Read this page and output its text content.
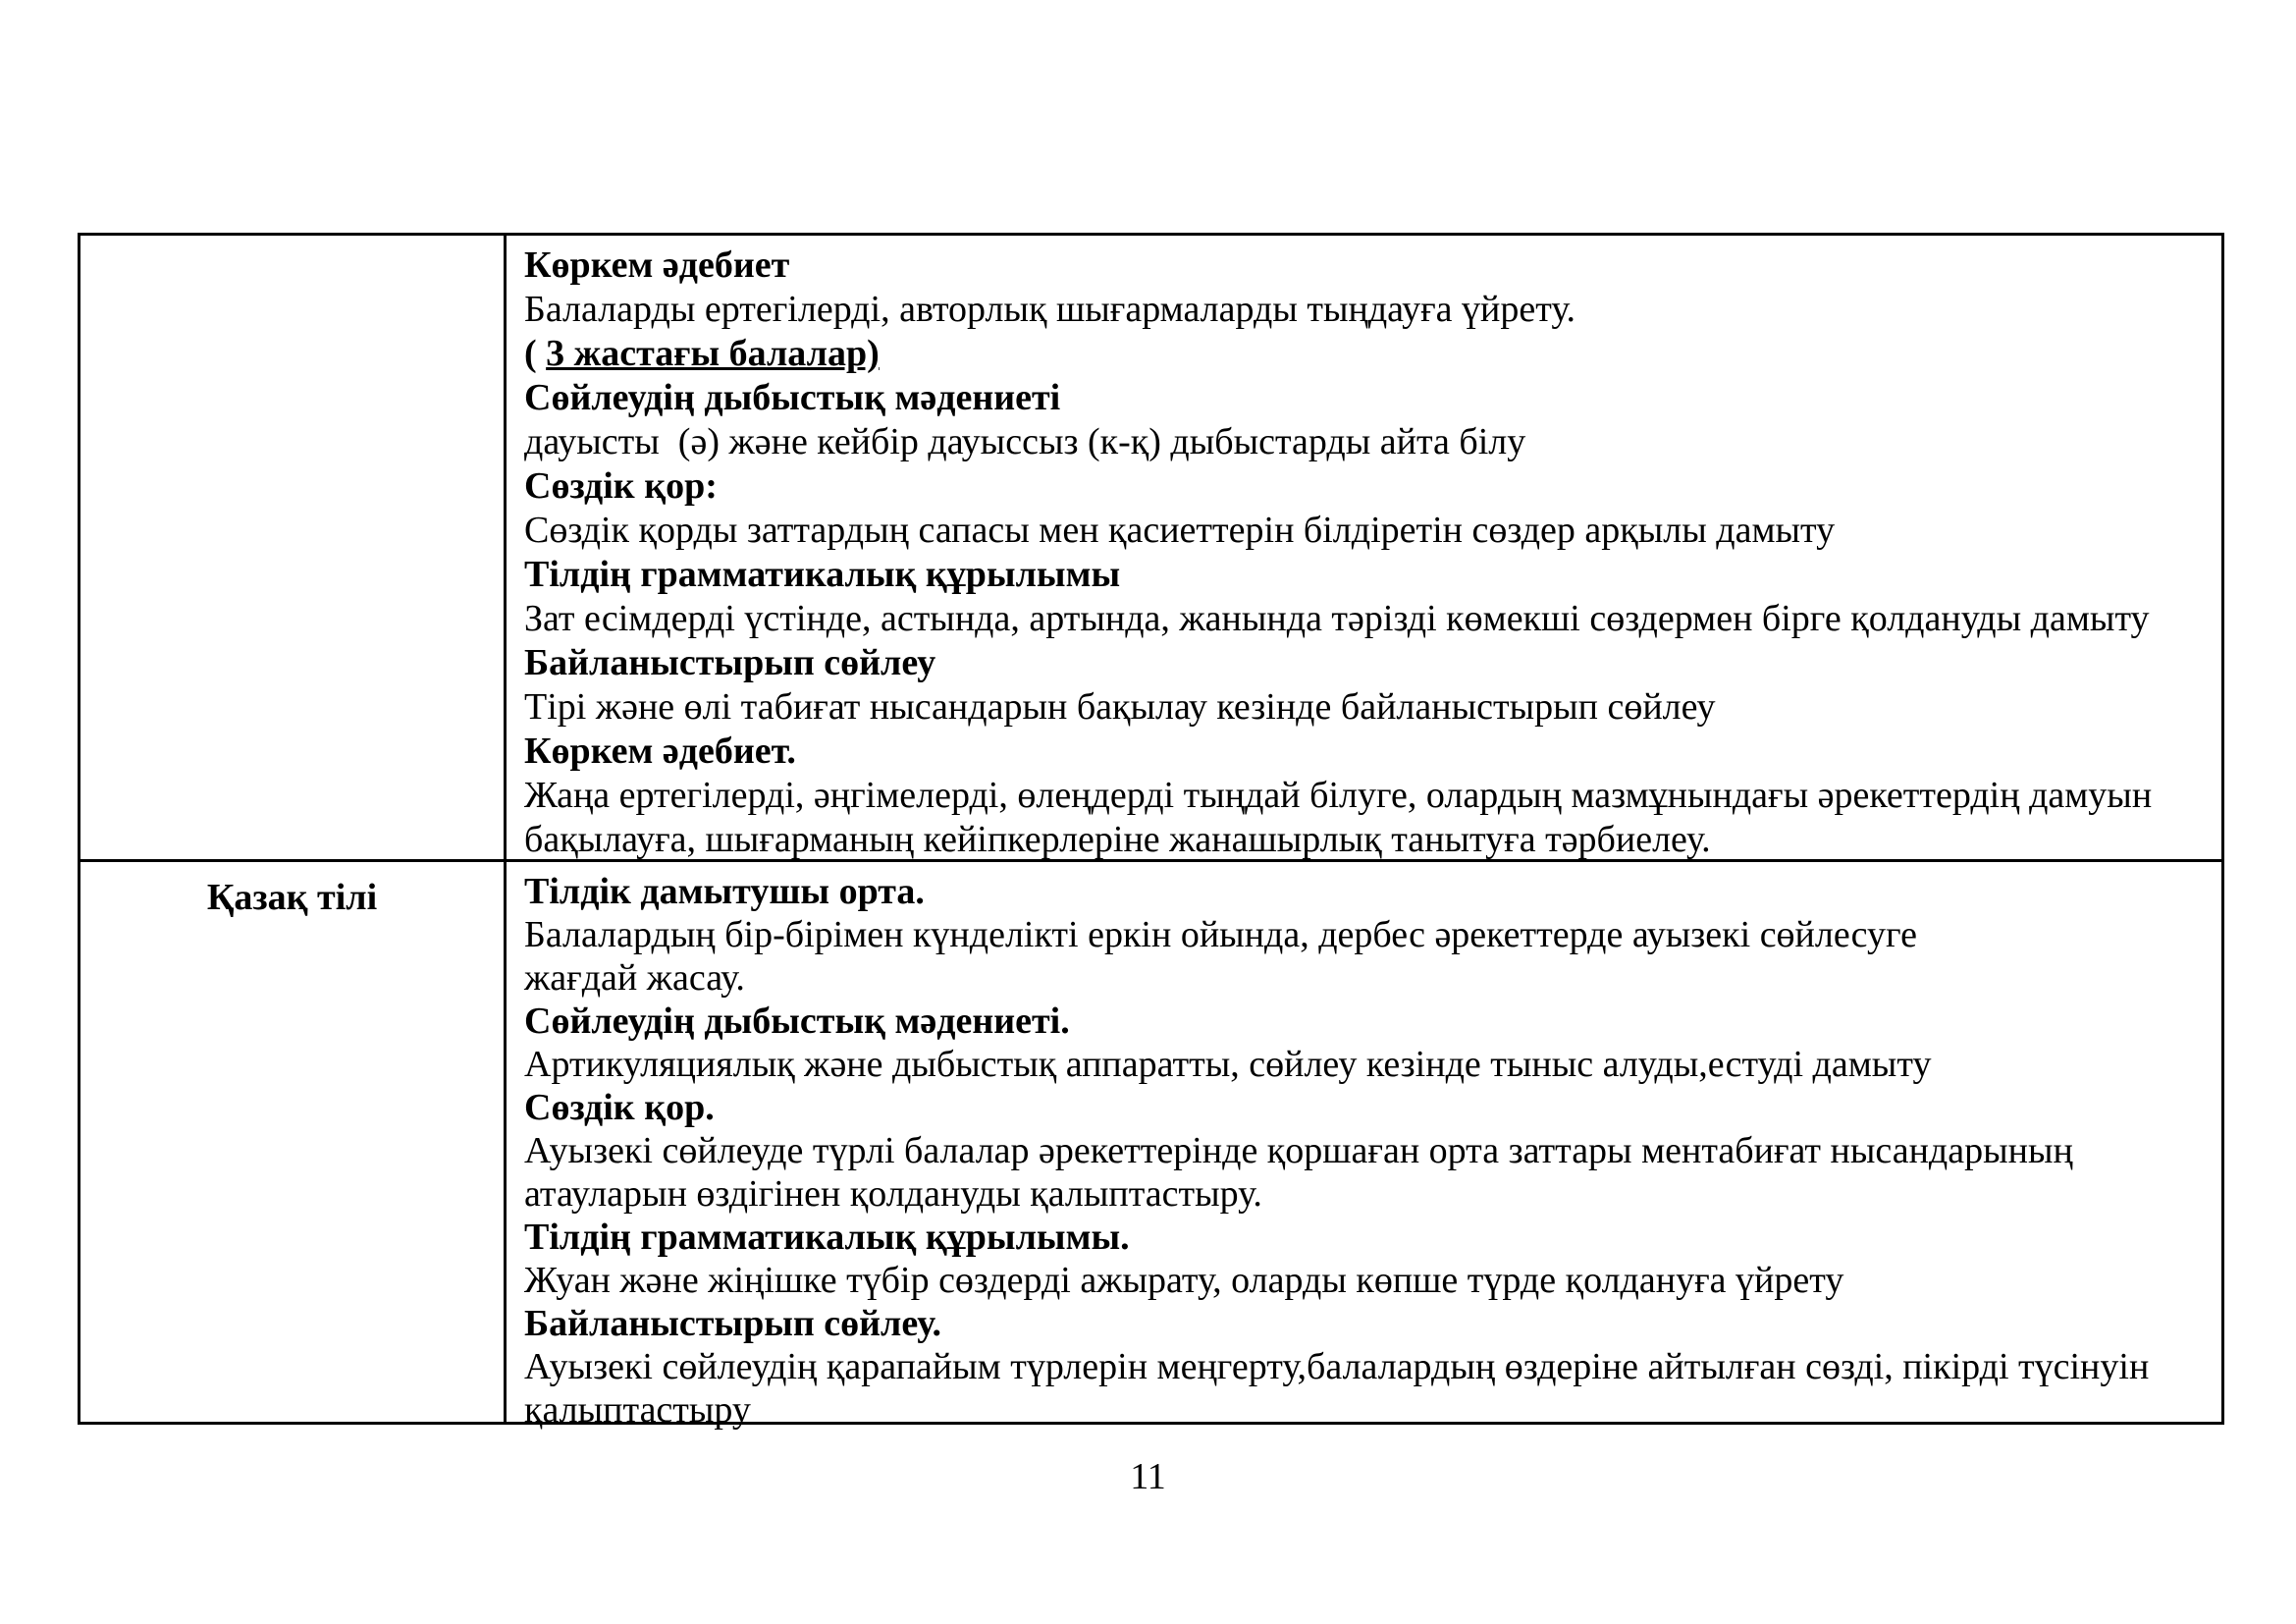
Көркем әдебиет
Балаларды ертегілерді, авторлық шығармаларды тыңдауға үйрету.
( 3 жастағы балалар)
Сөйлеудің дыбыстық мәдениеті
дауысты  (ә) және кейбір дауыссыз (к-қ) дыбыстарды айта білу
Сөздік қор:
Сөздік қорды заттардың сапасы мен қасиеттерін білдіретін сөздер арқылы дамыту
Тілдің грамматикалық құрылымы
Зат есімдерді үстінде, астында, артында, жанында тәрізді көмекші сөздермен бірге қолдануды дамыту
Байланыстырып сөйлеу
Тірі және өлі табиғат нысандарын бақылау кезінде байланыстырып сөйлеу
Көркем әдебиет.
Жаңа ертегілерді, әңгімелерді, өлеңдерді тыңдай білуге, олардың мазмұнындағы әрекеттердің дамуын
бақылауға, шығарманың кейіпкерлеріне жанашырлық танытуға тәрбиелеу.
Қазақ тілі	Тілдік дамытушы орта.
Балалардың бір-бірімен күнделікті еркін ойында, дербес әрекеттерде ауызекі сөйлесуге
жағдай жасау.
Сөйлеудің дыбыстық мәдениеті.
Артикуляциялық және дыбыстық аппаратты, сөйлеу кезінде тыныс алуды,естуді дамыту
Сөздік қор.
Ауызекі сөйлеуде түрлі балалар әрекеттерінде қоршаған орта заттары ментабиғат нысандарының
атауларын өздігінен қолдануды қалыптастыру.
Тілдің грамматикалық құрылымы.
Жуан және жіңішке түбір сөздерді ажырату, оларды көпше түрде қолдануға үйрету
Байланыстырып сөйлеу.
Ауызекі сөйлеудің қарапайым түрлерін меңгерту,балалардың өздеріне айтылған сөзді, пікірді түсінуін
қалыптастыру
11
